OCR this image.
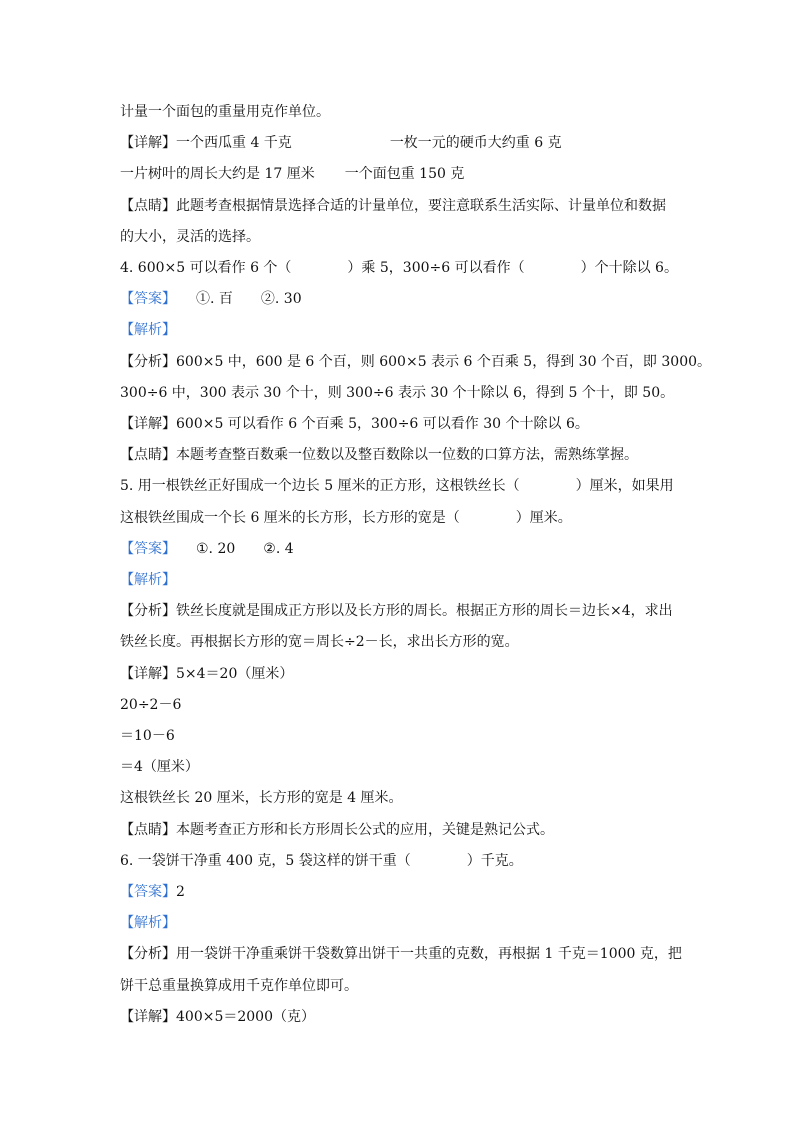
计量一个面包的重量用克作单位。
【详解】一个西瓜重 4 千克	一枚一元的硬币大约重 6 克
一片树叶的周长大约是 17 厘米 一个面包重 150 克
【点睛】此题考查根据情景选择合适的计量单位，要注意联系生活实际、计量单位和数据
的大小，灵活的选择。
4. 600×5 可以看作 6 个（　　　　）乘 5，300÷6 可以看作（　　　　）个十除以 6。
【答案】 ①. 百　　②. 30
【解析】
【分析】600×5 中，600 是 6 个百，则 600×5 表示 6 个百乘 5，得到 30 个百，即 3000。
300÷6 中，300 表示 30 个十，则 300÷6 表示 30 个十除以 6，得到 5 个十，即 50。
【详解】600×5 可以看作 6 个百乘 5，300÷6 可以看作 30 个十除以 6。
【点睛】本题考查整百数乘一位数以及整百数除以一位数的口算方法，需熟练掌握。
5. 用一根铁丝正好围成一个边长 5 厘米的正方形，这根铁丝长（　　　　）厘米，如果用
这根铁丝围成一个长 6 厘米的长方形，长方形的宽是（　　　　）厘米。
【答案】 ①. 20　　②. 4
【解析】
【分析】铁丝长度就是围成正方形以及长方形的周长。根据正方形的周长＝边长×4，求出
铁丝长度。再根据长方形的宽＝周长÷2－长，求出长方形的宽。
【详解】5×4＝20（厘米）
20÷2－6
＝10－6
＝4（厘米）
这根铁丝长 20 厘米，长方形的宽是 4 厘米。
【点睛】本题考查正方形和长方形周长公式的应用，关键是熟记公式。
6. 一袋饼干净重 400 克，5 袋这样的饼干重（　　　　）千克。
【答案】2
【解析】
【分析】用一袋饼干净重乘饼干袋数算出饼干一共重的克数，再根据 1 千克＝1000 克，把
饼干总重量换算成用千克作单位即可。
【详解】400×5＝2000（克）
